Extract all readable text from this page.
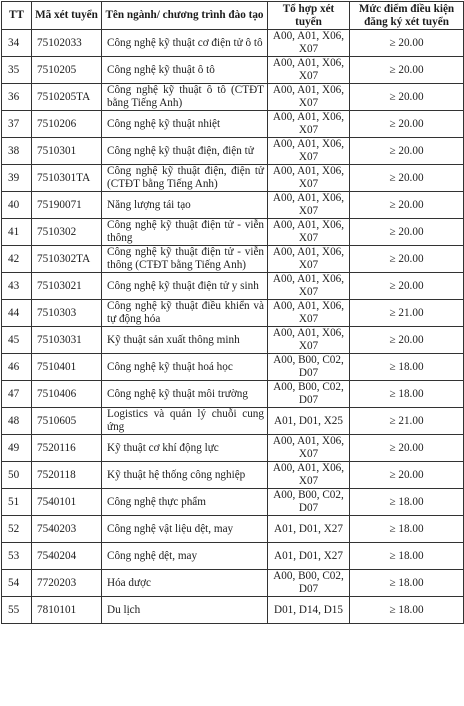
TT	Mã xét tuyển	Tên ngành/ chương trình đào tạo	Tổ hợp xét tuyển	Mức điểm điều kiện đăng ký xét tuyển
34	75102033	Công nghệ kỹ thuật cơ điện tử ô tô	A00, A01, X06, X07	≥ 20.00
35	7510205	Công nghệ kỹ thuật ô tô	A00, A01, X06, X07	≥ 20.00
36	7510205TA	Công nghệ kỹ thuật ô tô (CTĐT bằng Tiếng Anh)	A00, A01, X06, X07	≥ 20.00
37	7510206	Công nghệ kỹ thuật nhiệt	A00, A01, X06, X07	≥ 20.00
38	7510301	Công nghệ kỹ thuật điện, điện tử	A00, A01, X06, X07	≥ 20.00
39	7510301TA	Công nghệ kỹ thuật điện, điện tử (CTĐT bằng Tiếng Anh)	A00, A01, X06, X07	≥ 20.00
40	75190071	Năng lượng tái tạo	A00, A01, X06, X07	≥ 20.00
41	7510302	Công nghệ kỹ thuật điện tử - viễn thông	A00, A01, X06, X07	≥ 20.00
42	7510302TA	Công nghệ kỹ thuật điện tử - viễn thông (CTĐT bằng Tiếng Anh)	A00, A01, X06, X07	≥ 20.00
43	75103021	Công nghệ kỹ thuật điện tử y sinh	A00, A01, X06, X07	≥ 20.00
44	7510303	Công nghệ kỹ thuật điều khiển và tự động hóa	A00, A01, X06, X07	≥ 21.00
45	75103031	Kỹ thuật sản xuất thông minh	A00, A01, X06, X07	≥ 20.00
46	7510401	Công nghệ kỹ thuật hoá học	A00, B00, C02, D07	≥ 18.00
47	7510406	Công nghệ kỹ thuật môi trường	A00, B00, C02, D07	≥ 18.00
48	7510605	Logistics và quản lý chuỗi cung ứng	A01, D01, X25	≥ 21.00
49	7520116	Kỹ thuật cơ khí động lực	A00, A01, X06, X07	≥ 20.00
50	7520118	Kỹ thuật hệ thống công nghiệp	A00, A01, X06, X07	≥ 20.00
51	7540101	Công nghệ thực phẩm	A00, B00, C02, D07	≥ 18.00
52	7540203	Công nghệ vật liệu dệt, may	A01, D01, X27	≥ 18.00
53	7540204	Công nghệ dệt, may	A01, D01, X27	≥ 18.00
54	7720203	Hóa dược	A00, B00, C02, D07	≥ 18.00
55	7810101	Du lịch	D01, D14, D15	≥ 18.00
